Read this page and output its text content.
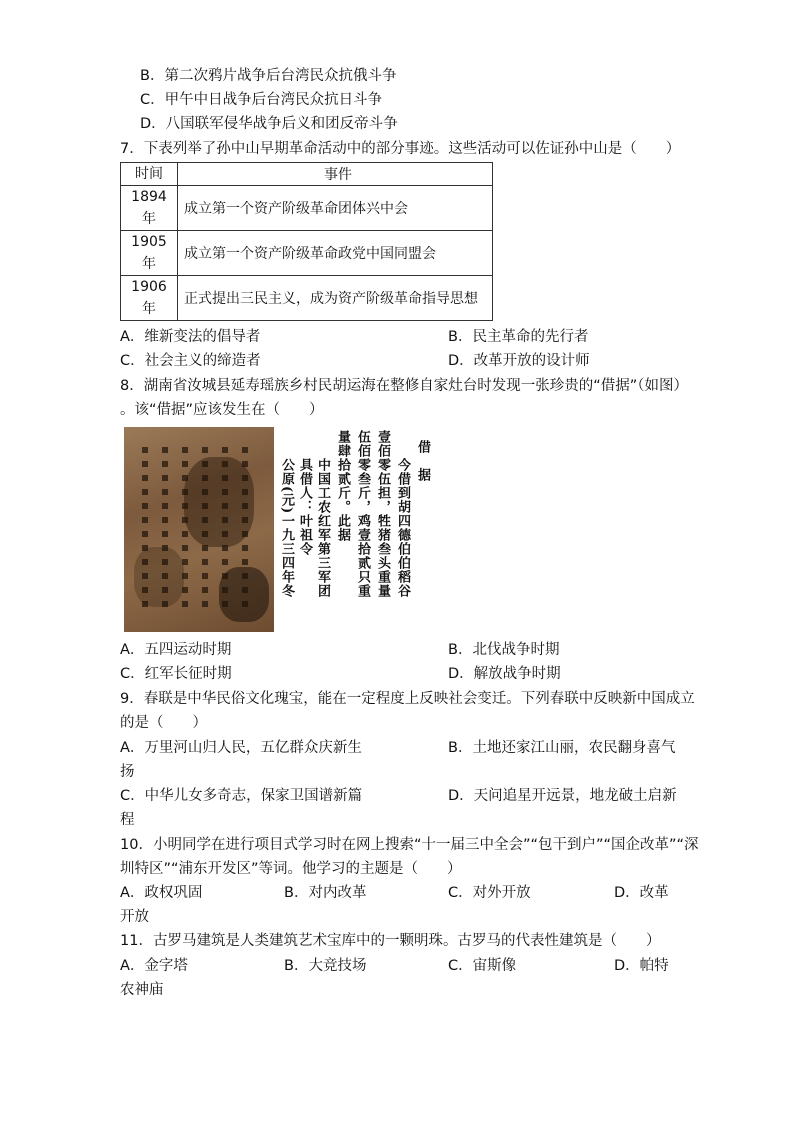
B．第二次鸦片战争后台湾民众抗俄斗争
C．甲午中日战争后台湾民众抗日斗争
D．八国联军侵华战争后义和团反帝斗争
7．下表列举了孙中山早期革命活动中的部分事迹。这些活动可以佐证孙中山是（　　）
时间	事件

1894
年	成立第一个资产阶级革命团体兴中会

1905
年	成立第一个资产阶级革命政党中国同盟会

1906
年	正式提出三民主义，成为资产阶级革命指导思想
A．维新变法的倡导者	B．民主革命的先行者
C．社会主义的缔造者	D．改革开放的设计师
8．湖南省汝城县延寿瑶族乡村民胡运海在整修自家灶台时发现一张珍贵的“借据”（如图）
。该“借据”应该发生在（　　）
借　据
今借到胡四德伯伯稻谷
壹佰零伍担，牲猪叁头重量
伍佰零叁斤，鸡壹拾贰只重
量肆拾贰斤。此据
中国工农红军第三军团
具借人：叶祖令
公原(元)一九三四年冬
A．五四运动时期	B．北伐战争时期
C．红军长征时期	D．解放战争时期
9．春联是中华民俗文化瑰宝，能在一定程度上反映社会变迁。下列春联中反映新中国成立
的是（　　）
A．万里河山归人民，五亿群众庆新生	B．土地还家江山丽，农民翻身喜气
扬
C．中华儿女多奇志，保家卫国谱新篇	D．天问追星开远景，地龙破土启新
程
10．小明同学在进行项目式学习时在网上搜索“十一届三中全会”“包干到户”“国企改革”“深
圳特区”“浦东开发区”等词。他学习的主题是（　　）
A．政权巩固	B．对内改革	C．对外开放	D．改革
开放
11．古罗马建筑是人类建筑艺术宝库中的一颗明珠。古罗马的代表性建筑是（　　）
A．金字塔	B．大竞技场	C．宙斯像	D．帕特
农神庙
